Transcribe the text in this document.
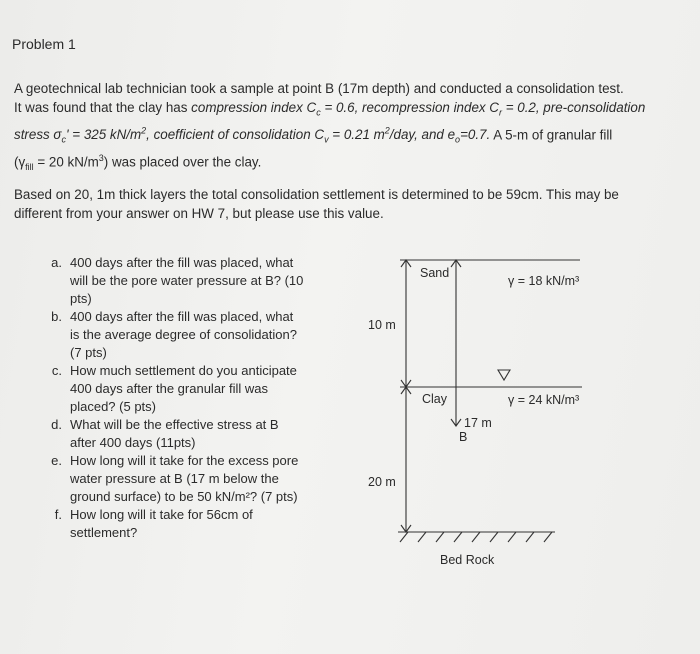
Problem 1

A geotechnical lab technician took a sample at point B (17m depth) and conducted a consolidation test.

It was found that the clay has compression index $C_c = 0.6$, recompression index $C_r = 0.2$, pre-consolidation

stress $\sigma_c' = 325$ $kN/m^2$, coefficient of consolidation $C_v = 0.21$ $m^2$/day, and $e_o=0.7$. A 5-m of granular fill

($\gamma_{fill} = 20$ $kN/m^3$) was placed over the clay.

Based on 20, 1m thick layers the total consolidation settlement is determined to be 59cm. This may be

different from your answer on HW 7, but please use this value.

a. 400 days after the fill was placed, what will be the pore water pressure at B? (10 pts)
b. 400 days after the fill was placed, what is the average degree of consolidation? (7 pts)
c. How much settlement do you anticipate 400 days after the granular fill was placed? (5 pts)
d. What will be the effective stress at B after 400 days (11pts)
e. How long will it take for the excess pore water pressure at B (17 m below the ground surface) to be 50 kN/m²? (7 pts)
f. How long will it take for 56cm of settlement?
Sand
γ = 18 kN/m³
10 m
Clay	γ = 24 kN/m³
17 m
B
20 m
Bed Rock
